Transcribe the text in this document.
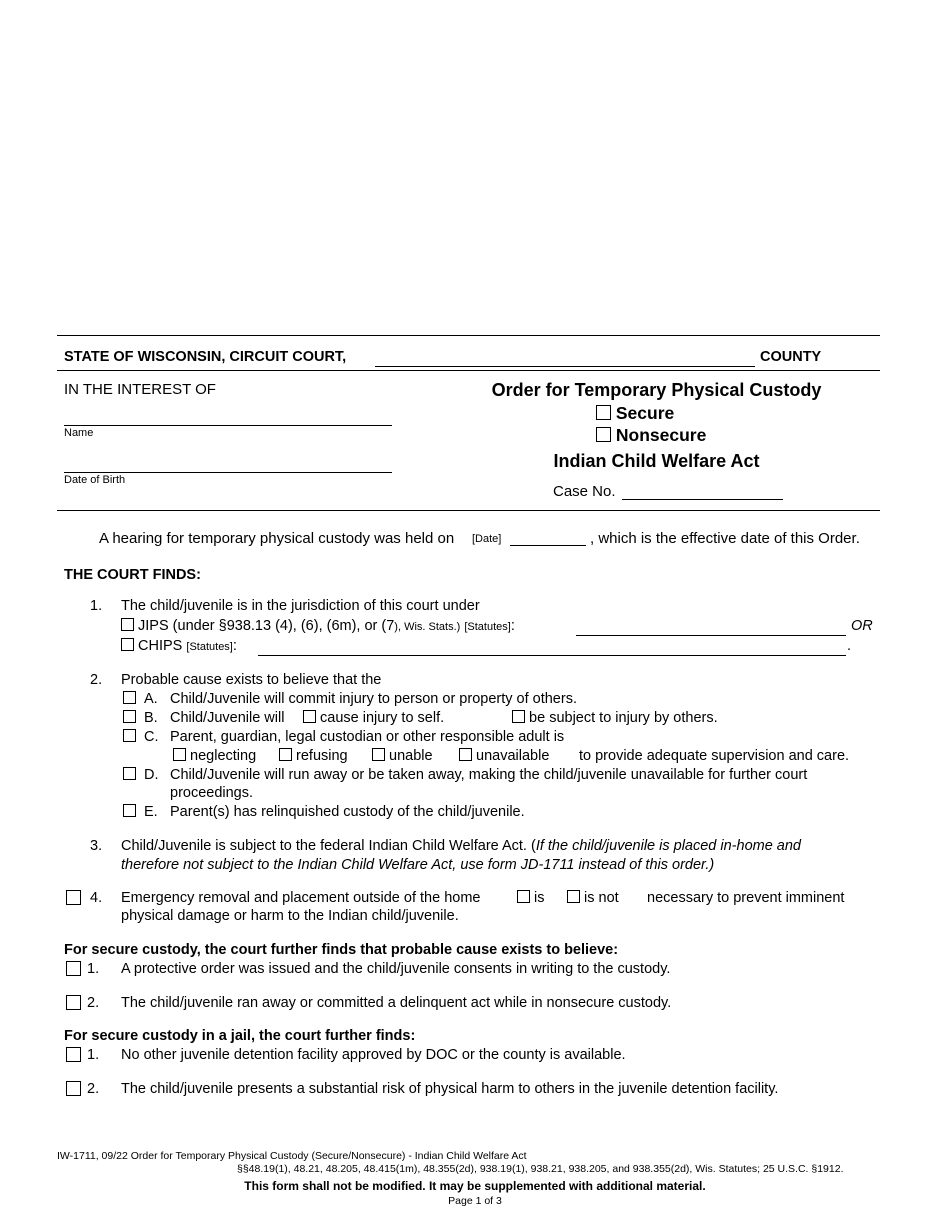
STATE OF WISCONSIN, CIRCUIT COURT,	COUNTY
IN THE INTEREST OF
Name
Date of Birth
Order for Temporary Physical Custody
Secure
Nonsecure
Indian Child Welfare Act
Case No.
A hearing for temporary physical custody was held on [Date]	, which is the effective date of this Order.
THE COURT FINDS:
1. The child/juvenile is in the jurisdiction of this court under
JIPS (under §938.13 (4), (6), (6m), or (7), Wis. Stats.) [Statutes]:	OR
CHIPS [Statutes]:	.
2. Probable cause exists to believe that the
A. Child/Juvenile will commit injury to person or property of others.
B. Child/Juvenile will	cause injury to self.	be subject to injury by others.
C. Parent, guardian, legal custodian or other responsible adult is
neglecting	refusing	unable	unavailable to provide adequate supervision and care.
D. Child/Juvenile will run away or be taken away, making the child/juvenile unavailable for further court
proceedings.
E. Parent(s) has relinquished custody of the child/juvenile.
3. Child/Juvenile is subject to the federal Indian Child Welfare Act. (If the child/juvenile is placed in-home and
therefore not subject to the Indian Child Welfare Act, use form JD-1711 instead of this order.)
4. Emergency removal and placement outside of the home	is	is not necessary to prevent imminent
physical damage or harm to the Indian child/juvenile.
For secure custody, the court further finds that probable cause exists to believe:
1. A protective order was issued and the child/juvenile consents in writing to the custody.
2. The child/juvenile ran away or committed a delinquent act while in nonsecure custody.
For secure custody in a jail, the court further finds:
1. No other juvenile detention facility approved by DOC or the county is available.
2. The child/juvenile presents a substantial risk of physical harm to others in the juvenile detention facility.
IW-1711, 09/22 Order for Temporary Physical Custody (Secure/Nonsecure) - Indian Child Welfare Act
§§48.19(1), 48.21, 48.205, 48.415(1m), 48.355(2d), 938.19(1), 938.21, 938.205, and 938.355(2d), Wis. Statutes; 25 U.S.C. §1912.
This form shall not be modified. It may be supplemented with additional material.
Page 1 of 3
